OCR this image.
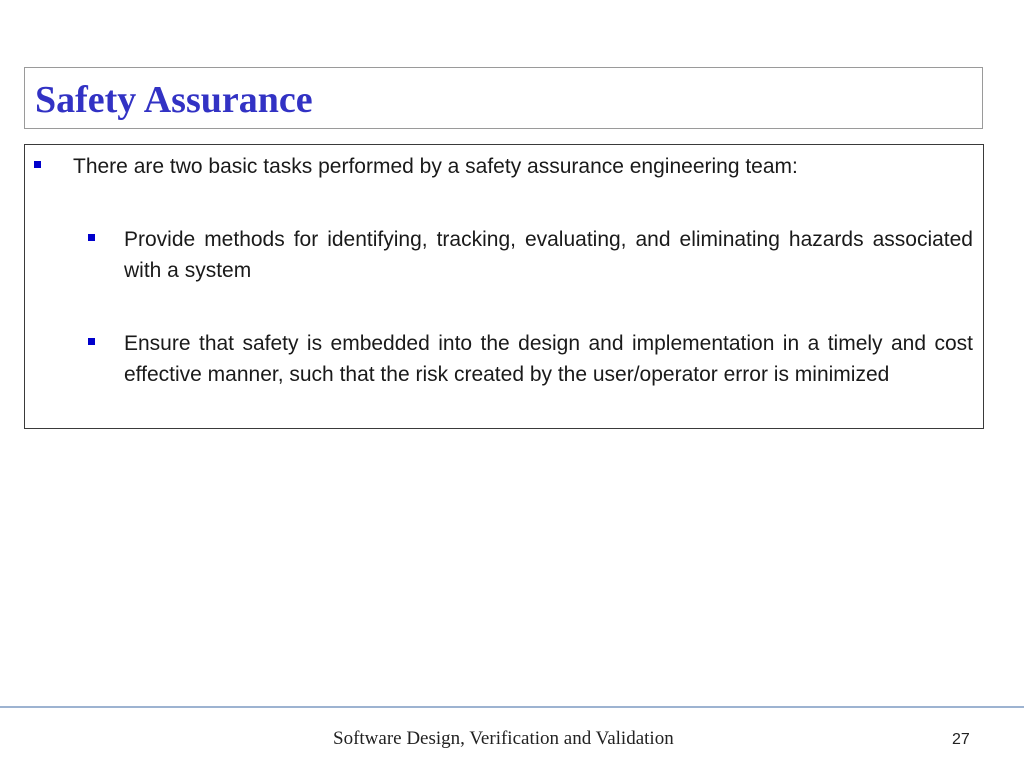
Safety Assurance

There are two basic tasks performed by a safety assurance engineering team:

Provide methods for identifying, tracking, evaluating, and eliminating hazards associated with a system

Ensure that safety is embedded into the design and implementation in a timely and cost effective manner, such that the risk created by the user/operator error is minimized

Software Design, Verification and Validation	27
